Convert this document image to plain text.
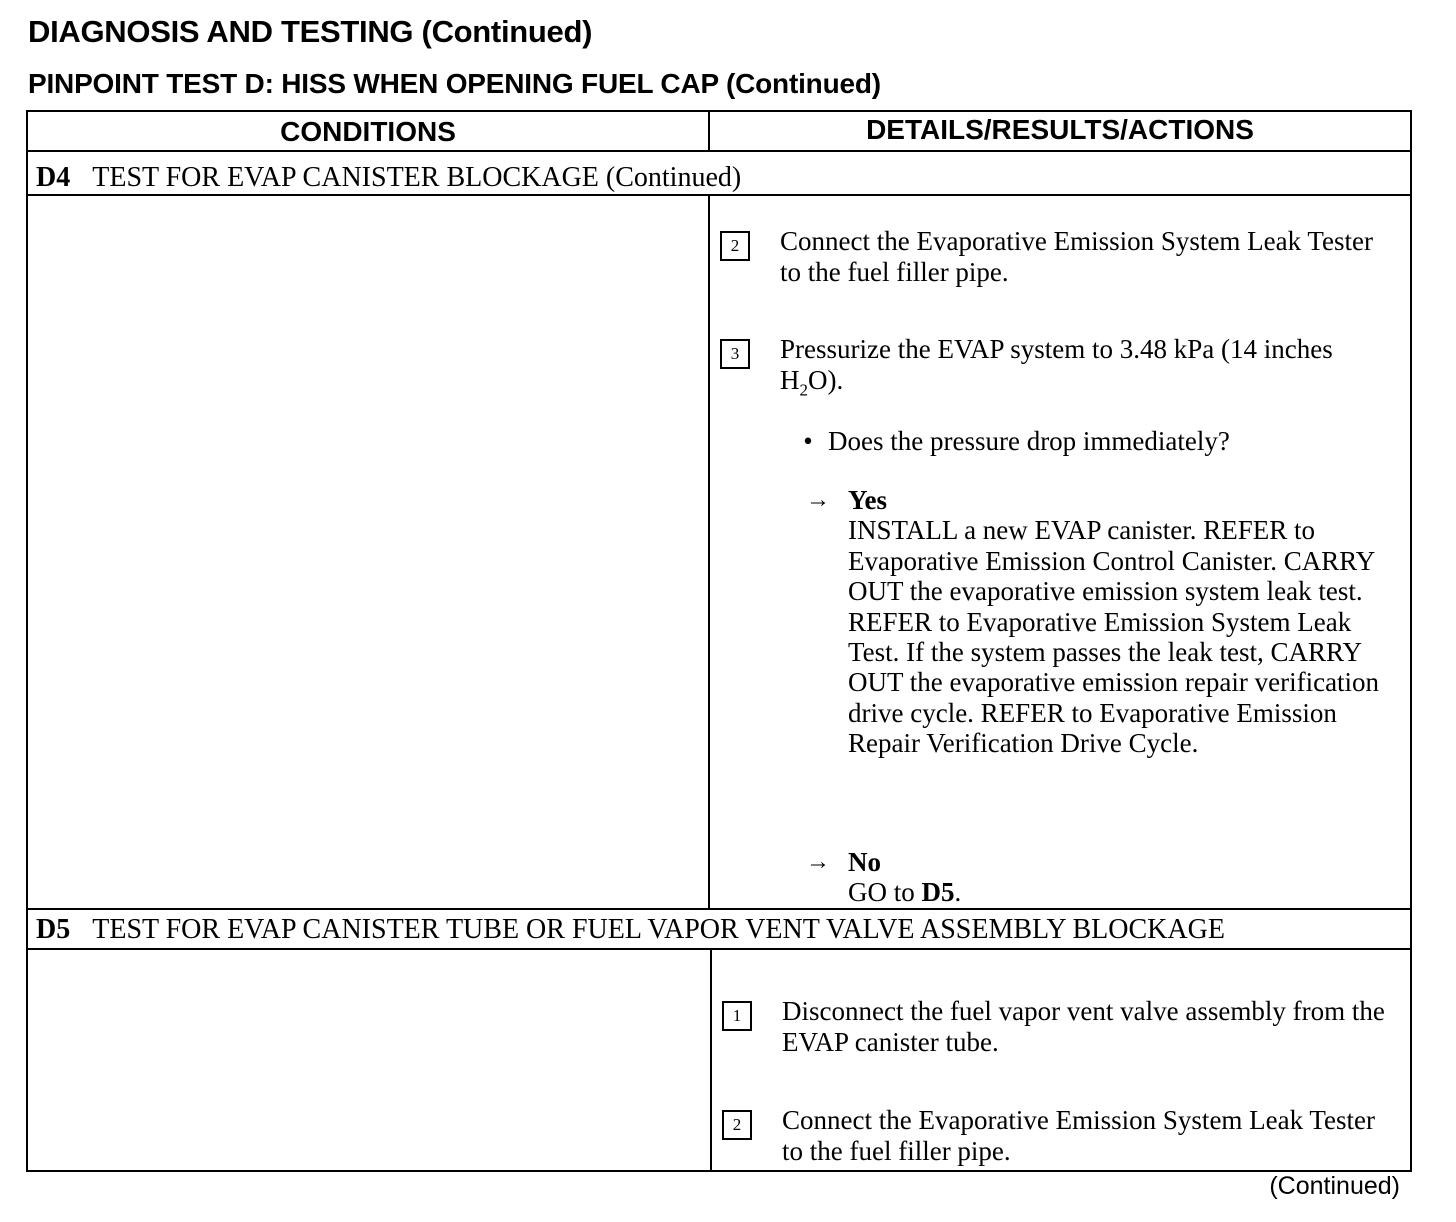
DIAGNOSIS AND TESTING (Continued)
PINPOINT TEST D: HISS WHEN OPENING FUEL CAP (Continued)
CONDITIONS	DETAILS/RESULTS/ACTIONS
D4 TEST FOR EVAP CANISTER BLOCKAGE (Continued)
2	Connect the Evaporative Emission System Leak Tester to the fuel filler pipe.
3	Pressurize the EVAP system to 3.48 kPa (14 inches $H_2O$).
• Does the pressure drop immediately?
→ Yes
INSTALL a new EVAP canister. REFER to Evaporative Emission Control Canister. CARRY OUT the evaporative emission system leak test. REFER to Evaporative Emission System Leak Test. If the system passes the leak test, CARRY OUT the evaporative emission repair verification drive cycle. REFER to Evaporative Emission Repair Verification Drive Cycle.
→ No
GO to D5.
D5 TEST FOR EVAP CANISTER TUBE OR FUEL VAPOR VENT VALVE ASSEMBLY BLOCKAGE
1	Disconnect the fuel vapor vent valve assembly from the EVAP canister tube.
2	Connect the Evaporative Emission System Leak Tester to the fuel filler pipe.
(Continued)
